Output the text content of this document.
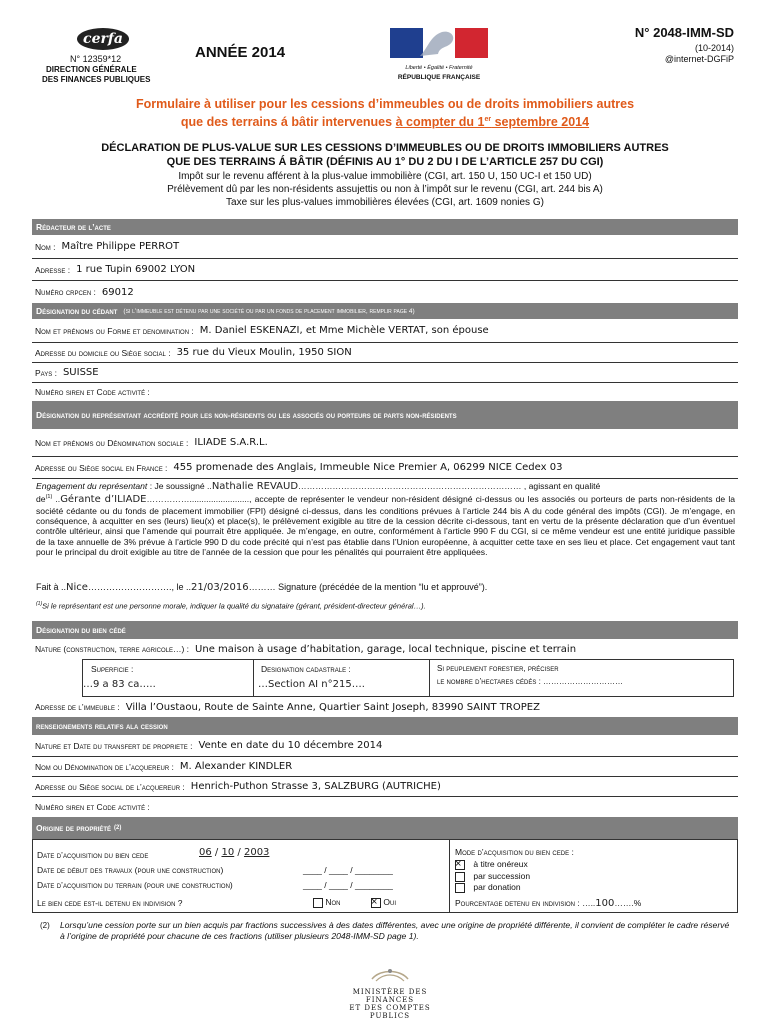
cerfa
N° 12359*12
DIRECTION GÉNÉRALE
DES FINANCES PUBLIQUES
ANNÉE 2014
Liberté • Égalité • Fraternité
RÉPUBLIQUE FRANÇAISE
N° 2048-IMM-SD
(10-2014)
@internet-DGFiP
Formulaire à utiliser pour les cessions d’immeubles ou de droits immobiliers autres
que des terrains á bâtir intervenues à compter du 1er septembre 2014
DÉCLARATION DE PLUS-VALUE SUR LES CESSIONS D’IMMEUBLES OU DE DROITS IMMOBILIERS AUTRES
QUE DES TERRAINS Á BÂTIR (DÉFINIS AU 1° DU 2 DU I DE L’ARTICLE 257 DU CGI)
Impôt sur le revenu afférent à la plus-value immobilière (CGI, art. 150 U, 150 UC-I et 150 UD)
Prélèvement dû par les non-résidents assujettis ou non à l’impôt sur le revenu (CGI, art. 244 bis A)
Taxe sur les plus-values immobilières élevées (CGI, art. 1609 nonies G)
Rédacteur de l’acte
Nom : Maître Philippe PERROT
Adresse : 1 rue Tupin 69002 LYON
Numéro crpcen : 69012
Désignation du cédant (si l’immeuble est détenu par une société ou par un fonds de placement immobilier, remplir page 4)
Nom et prénoms ou Forme et denomination : M. Daniel ESKENAZI, et Mme Michèle VERTAT, son épouse
Adresse du domicile ou Siège social : 35 rue du Vieux Moulin, 1950 SION
Pays : SUISSE
Numéro siren et Code activité :
Désignation du représentant accrédité pour les non-résidents ou les associés ou porteurs de parts non-résidents
Nom et prénoms ou Dénomination sociale : ILIADE S.A.R.L.
Adresse ou Siège social en France : 455 promenade des Anglais, Immeuble Nice Premier A, 06299 NICE Cedex 03
Engagement du représentant : Je soussigné ..Nathalie REVAUD…………………………………………………………………… , agissant en qualité
$de^{(1)}$ ..Gérante d’ILIADE……………........................., accepte de représenter le vendeur non-résident désigné ci-dessus ou les associés ou porteurs de parts non-résidents de la société cédante ou du fonds de placement immobilier (FPI) désigné ci-dessus, dans les conditions prévues à l’article 244 bis A du code général des impôts (CGI). Je m’engage, en conséquence, à acquitter en ses (leurs) lieu(x) et place(s), le prélèvement exigible au titre de la cession décrite ci-dessous, tant en vertu de la présente déclaration que d’un éventuel contrôle ultérieur, ainsi que l’amende qui pourrait être appliquée. Je m’engage, en outre, conformément à l’article 990 F du CGI, si ce même vendeur est une entité juridique passible de la taxe annuelle de 3% prévue à l’article 990 D du code précité qui n’est pas établie dans l’Union européenne, à acquitter cette taxe en ses lieu et place. Cet engagement vaut tant pour le principal du droit exigible au titre de l’année de la cession que pour les pénalités qui pourraient être appliquées.
Fait à ..Nice………………………., le ..21/03/2016……… Signature (précédée de la mention “lu et approuvé”).
$^{(1)}$Si le représentant est une personne morale, indiquer la qualité du signataire (gérant, président-directeur général…).
Désignation du bien cédé
Nature (construction, terre agricole…) : Une maison à usage d’habitation, garage, local technique, piscine et terrain
Superficie :
…9 a 83 ca…..
Designation cadastrale :
…Section AI n°215….
Si peuplement forestier, préciser
le nombre d’hectares cédés : …………………………
Adresse de l’immeuble : Villa l’Oustaou, Route de Sainte Anne, Quartier Saint Joseph, 83990 SAINT TROPEZ
renseignements relatifs ala cession
Nature et Date du transfert de propriete : Vente en date du 10 décembre 2014
Nom ou Dénomination de l’acquereur : M. Alexander KINDLER
Adresse ou Siège social de l’acquereur : Henrich-Puthon Strasse 3, SALZBURG (AUTRICHE)
Numéro siren et Code activité :
Origine de propriété (2)
Date d’acquisition du bien cede	06 / 10 / 2003
Date de début des travaux (pour une construction)	____ / ____ / ________
Date d’acquisition du terrain (pour une construction)	____ / ____ / ________
Le bien cede est-il detenu en indivision ?	Non
×	Oui
Mode d’acquisition du bien cede :
× à titre onéreux
par succession
par donation
Pourcentage detenu en indivision : …..100…….%
(2) Lorsqu’une cession porte sur un bien acquis par fractions successives à des dates différentes, avec une origine de propriété différente, il convient de compléter le cadre réservé à l’origine de propriété pour chacune de ces fractions (utiliser plusieurs 2048-IMM-SD page 1).
MINISTÈRE DES FINANCES
ET DES COMPTES PUBLICS
